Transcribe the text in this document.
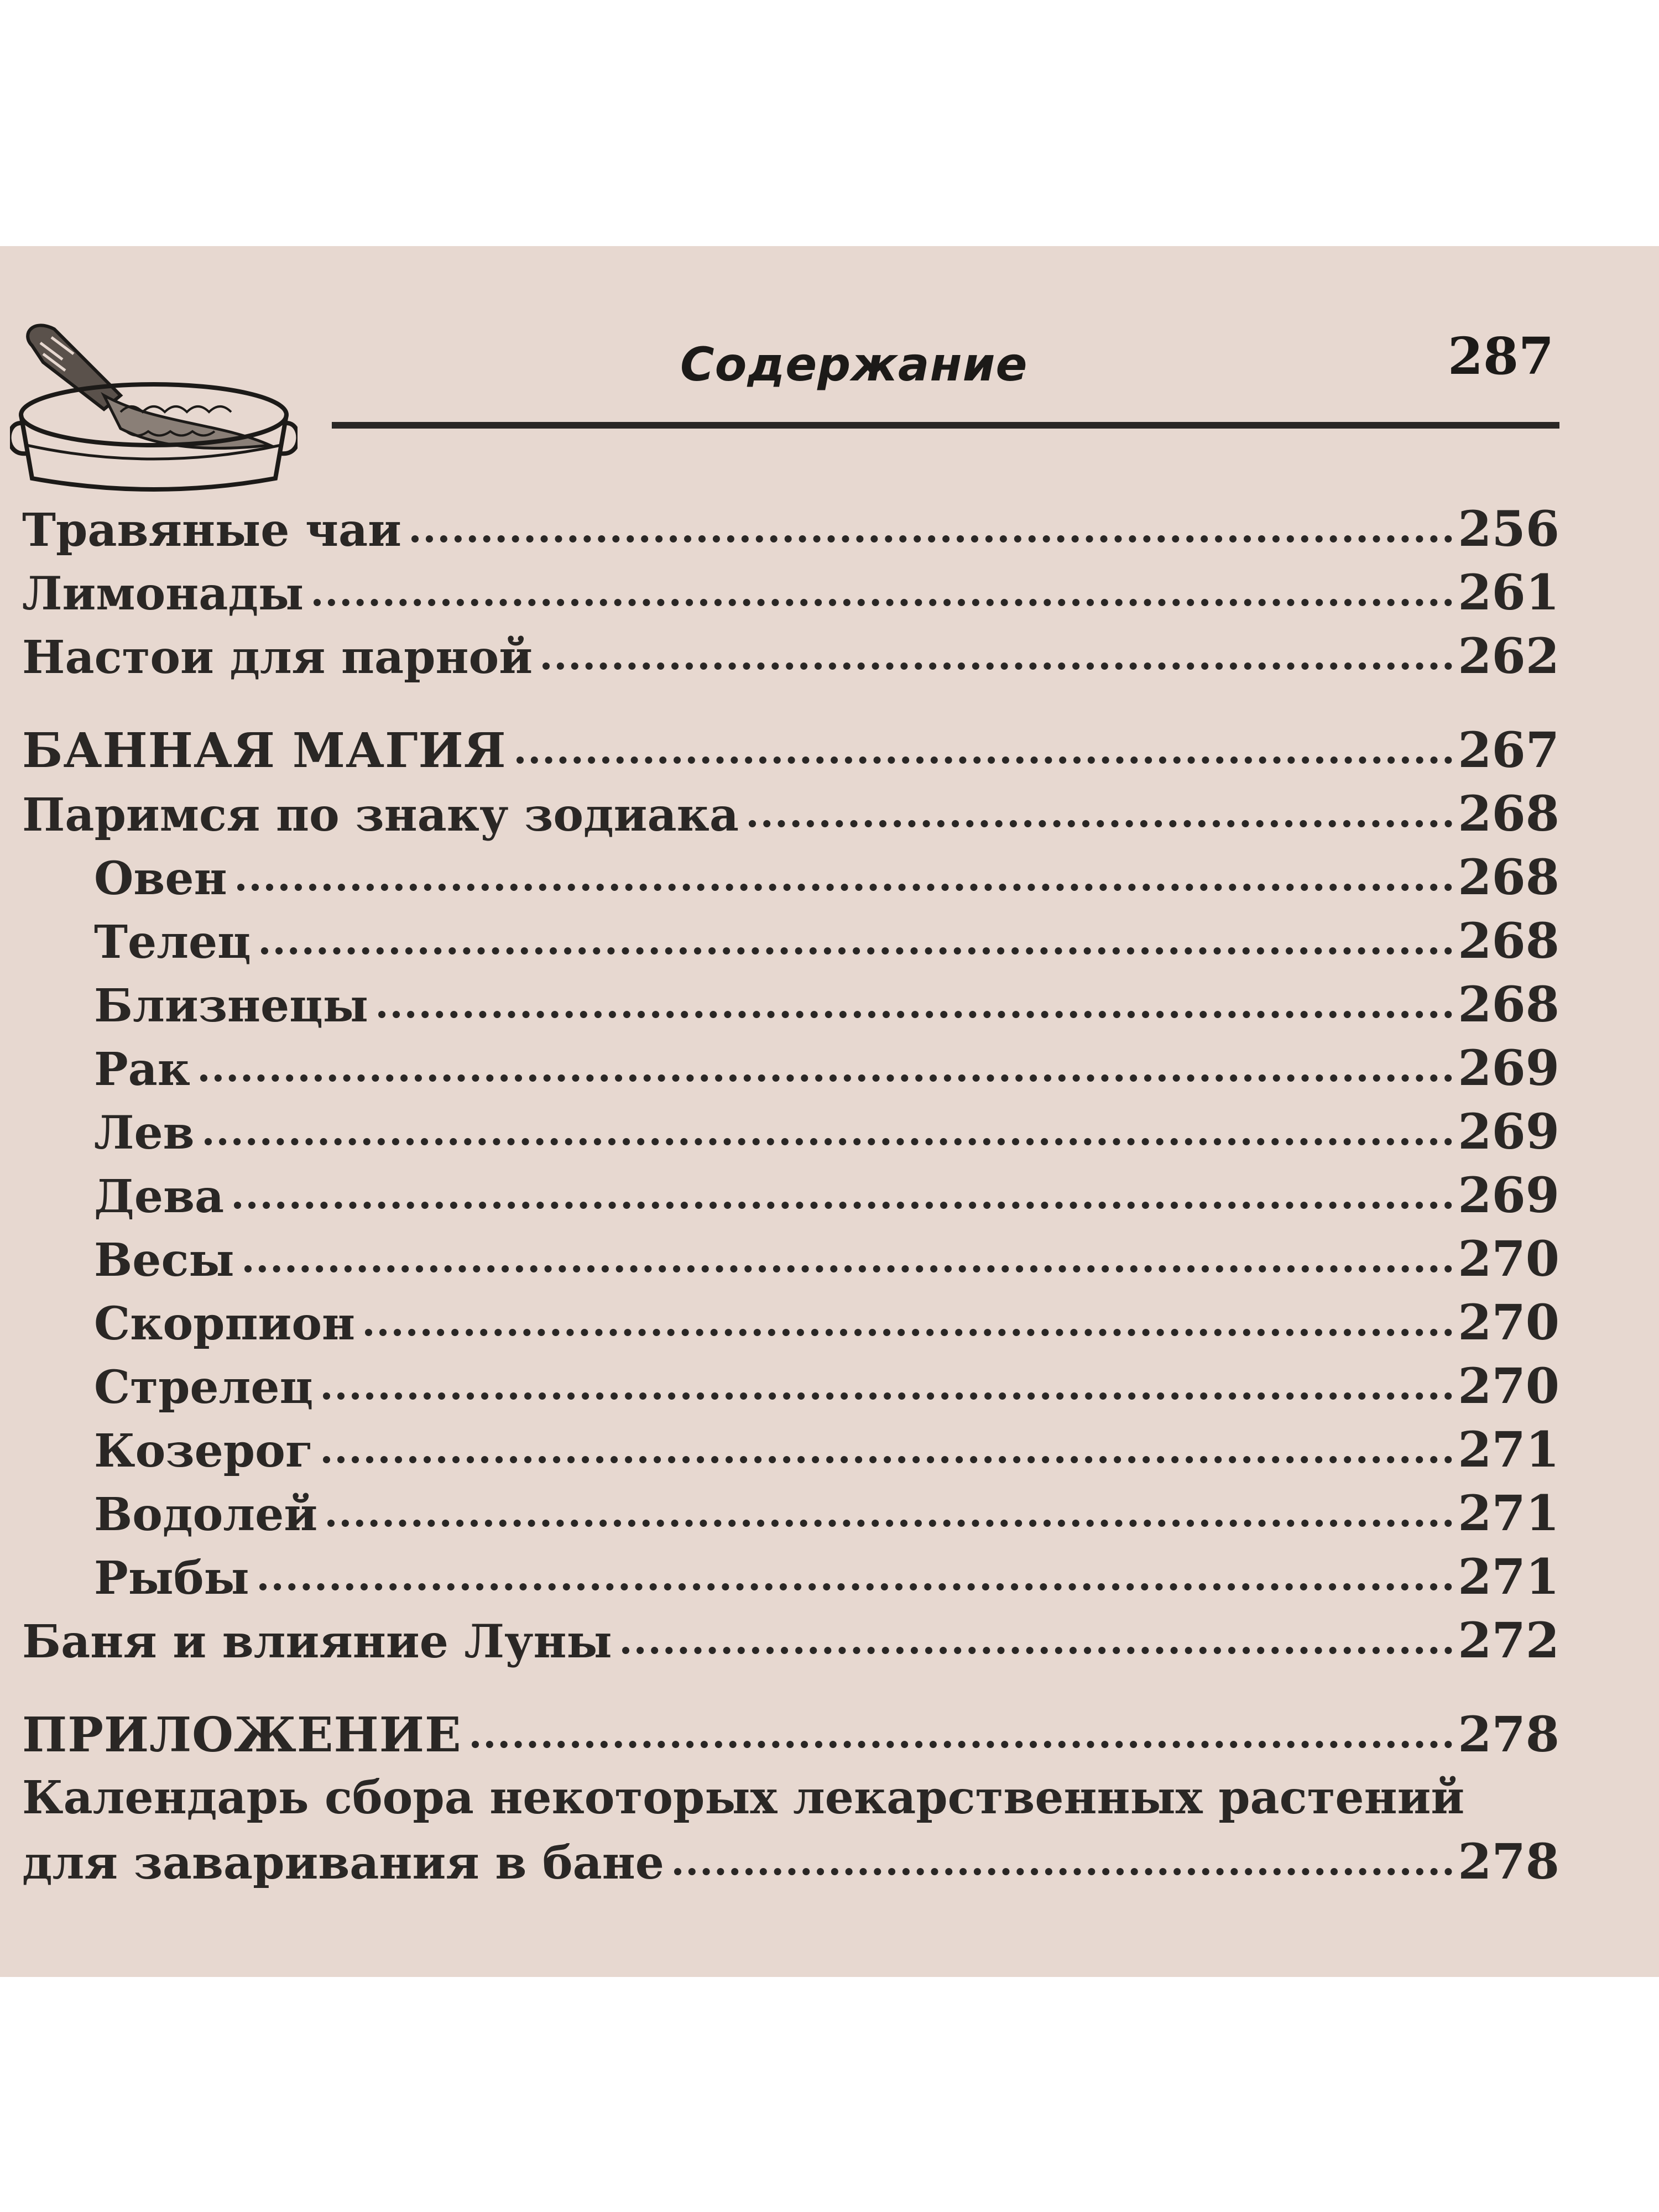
Содержание	287
Травяные чаи	256
Лимонады	261
Настои для парной	262
БАННАЯ МАГИЯ	267
Паримся по знаку зодиака	268
Овен	268
Телец	268
Близнецы	268
Рак	269
Лев	269
Дева	269
Весы	270
Скорпион	270
Стрелец	270
Козерог	271
Водолей	271
Рыбы	271
Баня и влияние Луны	272
ПРИЛОЖЕНИЕ	278
Календарь сбора некоторых лекарственных растений
для заваривания в бане	278
